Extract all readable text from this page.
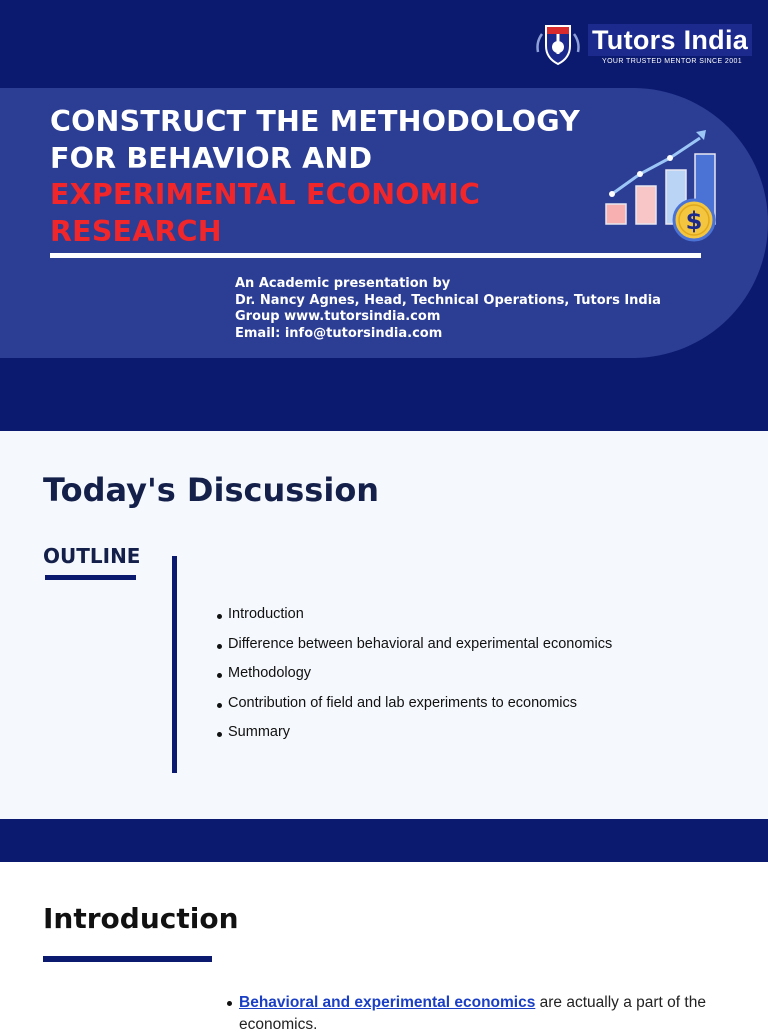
Tutors India
YOUR TRUSTED MENTOR SINCE 2001
CONSTRUCT THE METHODOLOGY
FOR BEHAVIOR AND
EXPERIMENTAL ECONOMIC
RESEARCH	$
An Academic presentation by
Dr. Nancy Agnes, Head, Technical Operations, Tutors India
Group www.tutorsindia.com
Email: info@tutorsindia.com
Today's Discussion
OUTLINE
Introduction
Difference between behavioral and experimental economics
Methodology
Contribution of field and lab experiments to economics
Summary
Introduction

Behavioral and experimental economics are actually a part of the economics.
